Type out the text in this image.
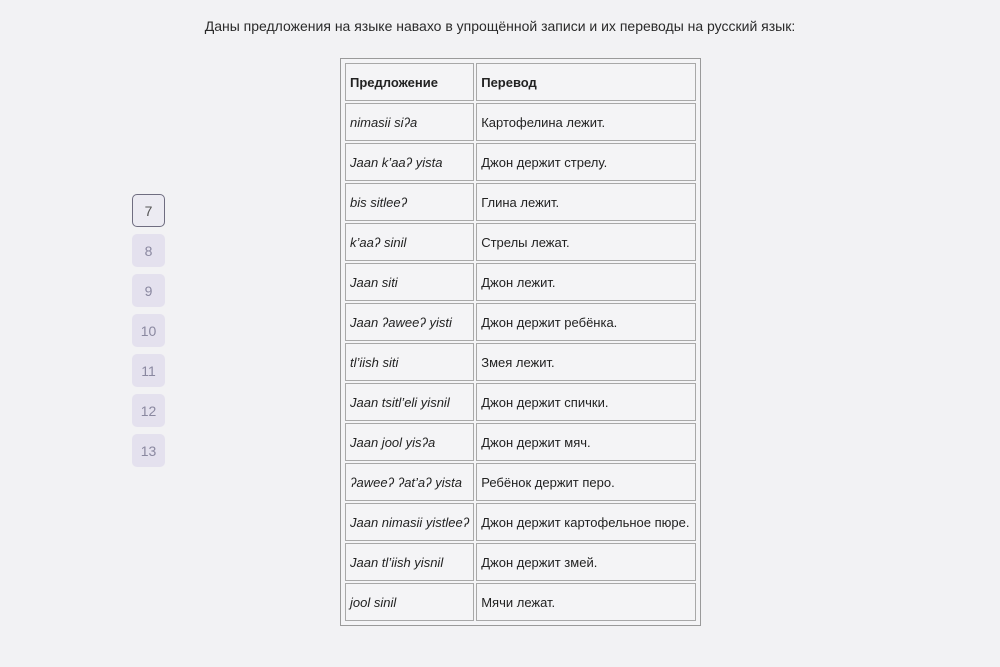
Даны предложения на языке навахо в упрощённой записи и их переводы на русский язык:
7
8
9
10
11
12
13
Предложение	Перевод
nimasii siʔa	Картофелина лежит.
Jaan k’aaʔ yista	Джон держит стрелу.
bis sitleeʔ	Глина лежит.
k’aaʔ sinil	Стрелы лежат.
Jaan siti	Джон лежит.
Jaan ʔaweeʔ yisti	Джон держит ребёнка.
tl’iish siti	Змея лежит.
Jaan tsitl’eli yisnil	Джон держит спички.
Jaan jool yisʔa	Джон держит мяч.
ʔaweeʔ ʔat’aʔ yista	Ребёнок держит перо.
Jaan nimasii yistleeʔ	Джон держит картофельное пюре.
Jaan tl’iish yisnil	Джон держит змей.
jool sinil	Мячи лежат.
